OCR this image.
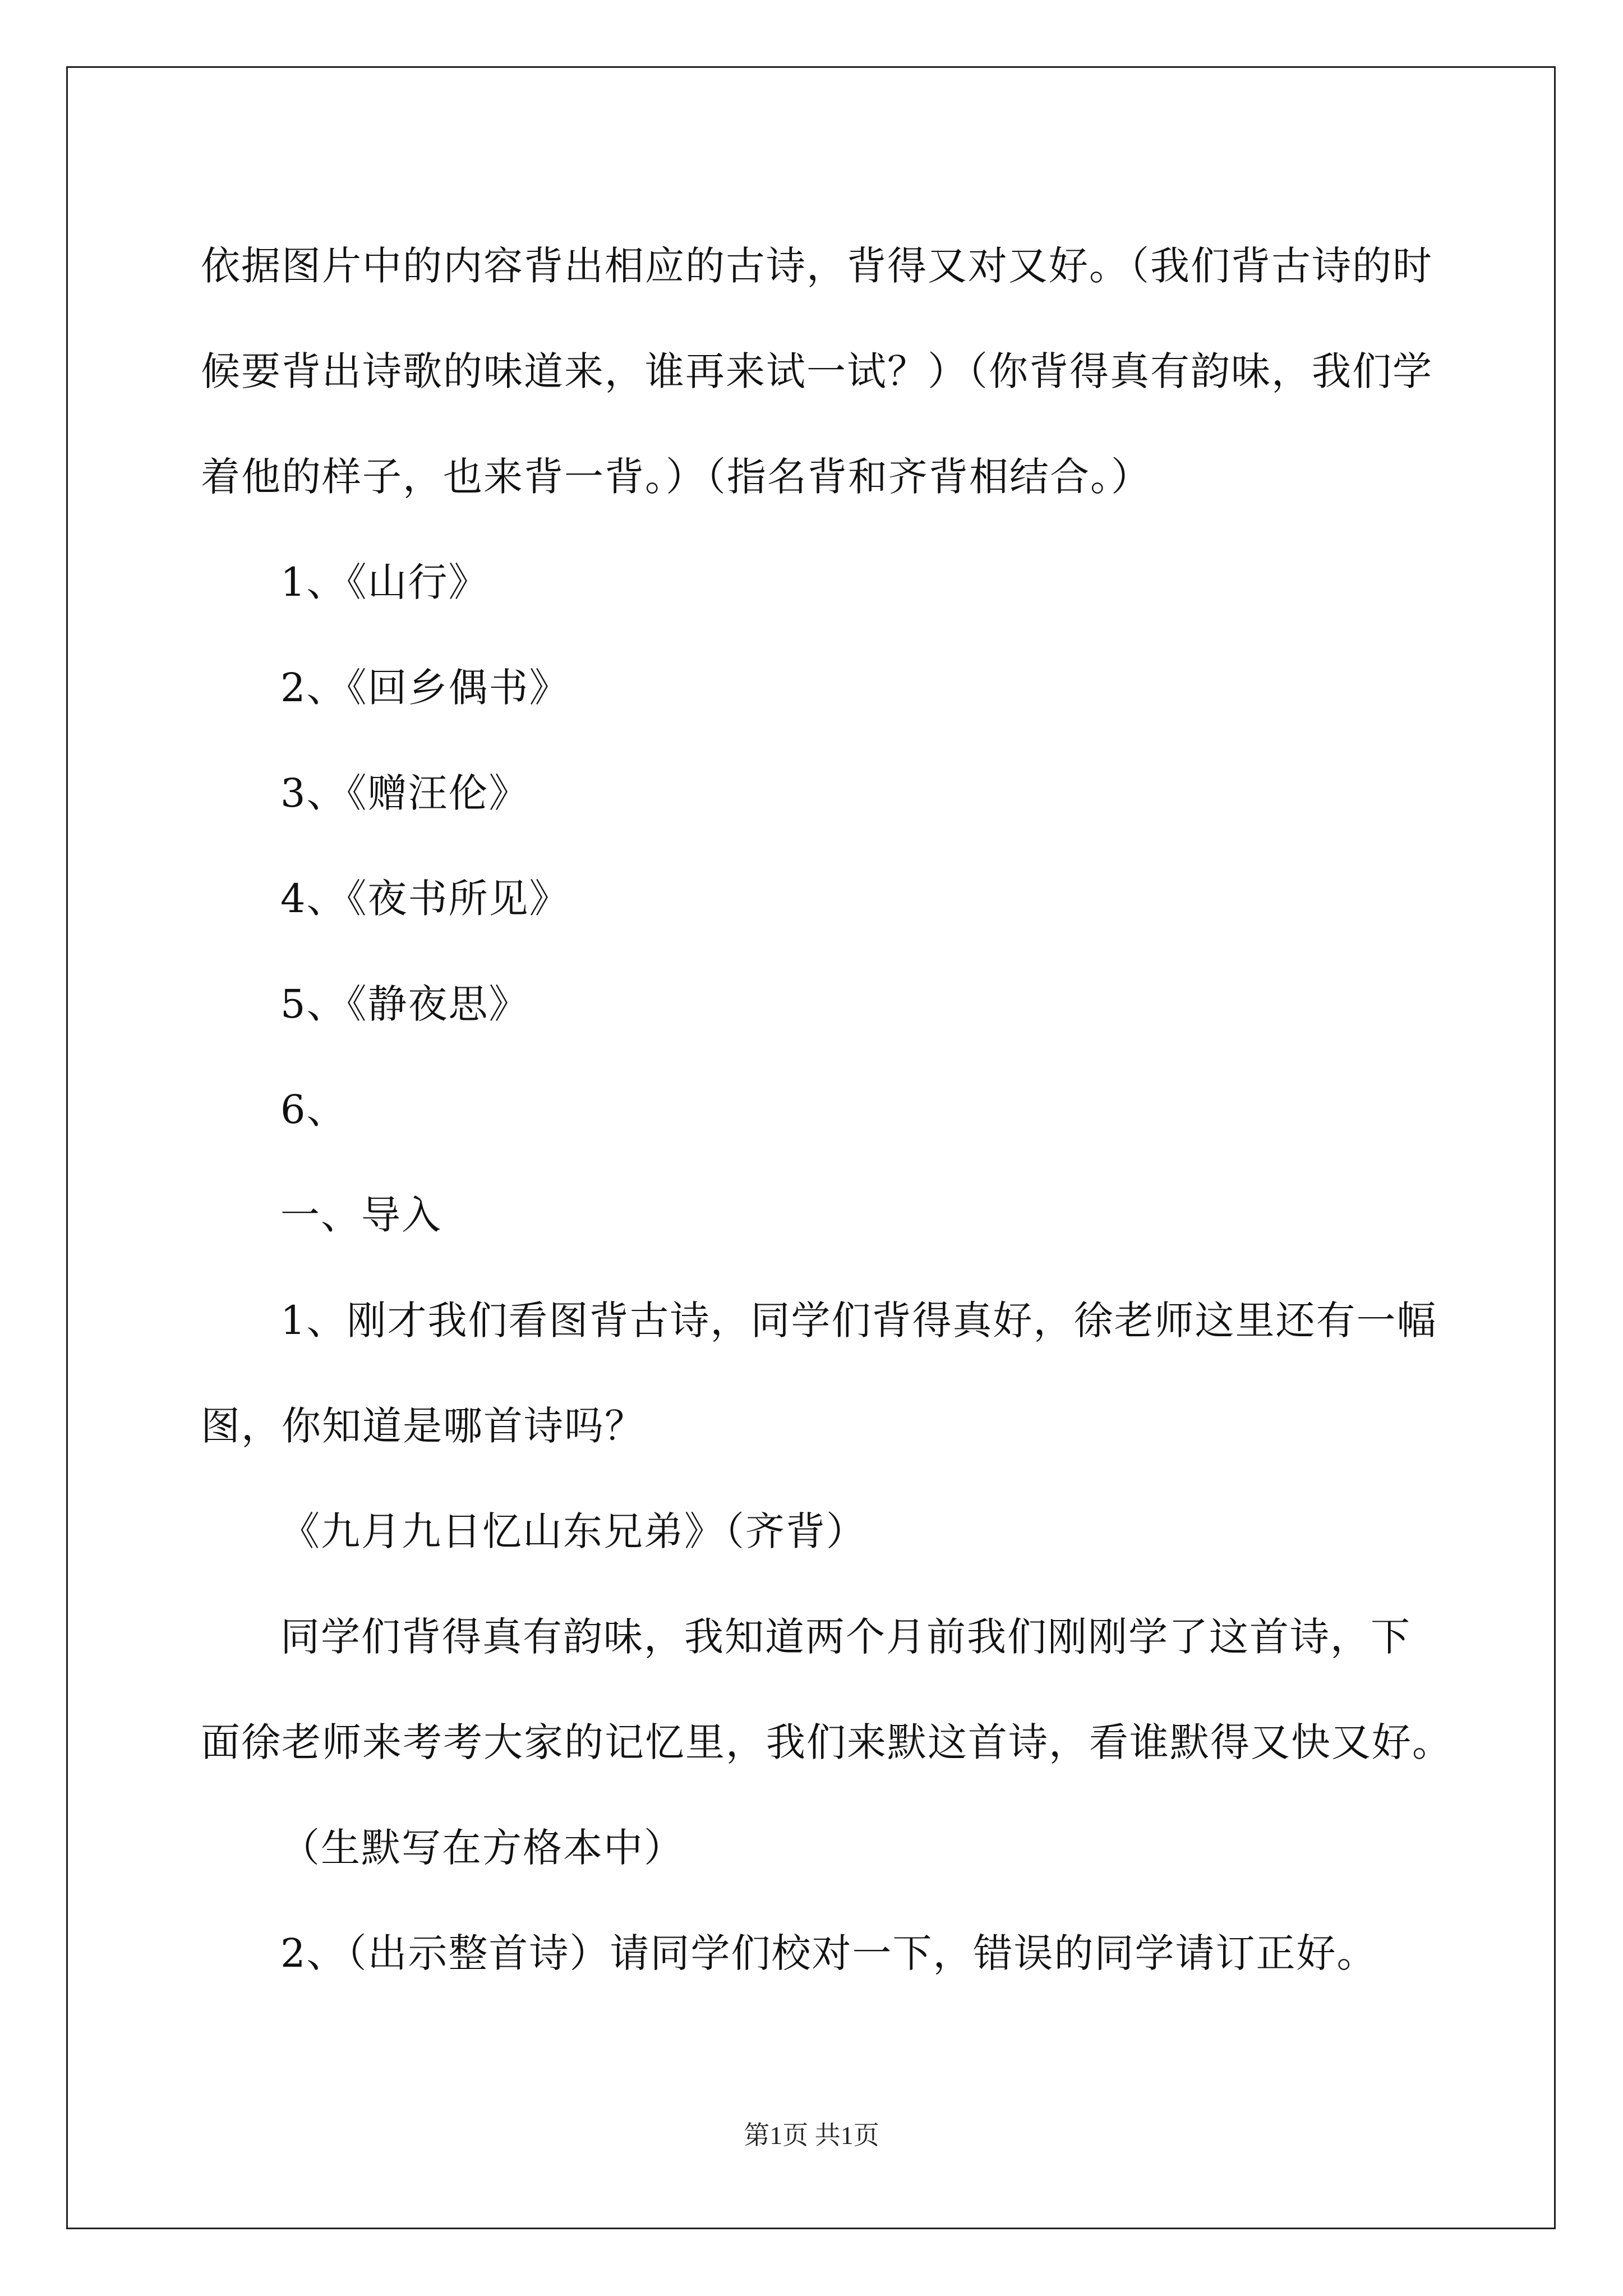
依据图片中的内容背出相应的古诗，背得又对又好。（我们背古诗的时
候要背出诗歌的味道来，谁再来试一试？）（你背得真有韵味，我们学
着他的样子，也来背一背。）（指名背和齐背相结合。）
1、《山行》
2、《回乡偶书》
3、《赠汪伦》
4、《夜书所见》
5、《静夜思》
6、
一、导入
1、刚才我们看图背古诗，同学们背得真好，徐老师这里还有一幅
图，你知道是哪首诗吗？
《九月九日忆山东兄弟》（齐背）
同学们背得真有韵味，我知道两个月前我们刚刚学了这首诗，下
面徐老师来考考大家的记忆里，我们来默这首诗，看谁默得又快又好。
（生默写在方格本中）
2、（出示整首诗）请同学们校对一下，错误的同学请订正好。
第1页 共1页
